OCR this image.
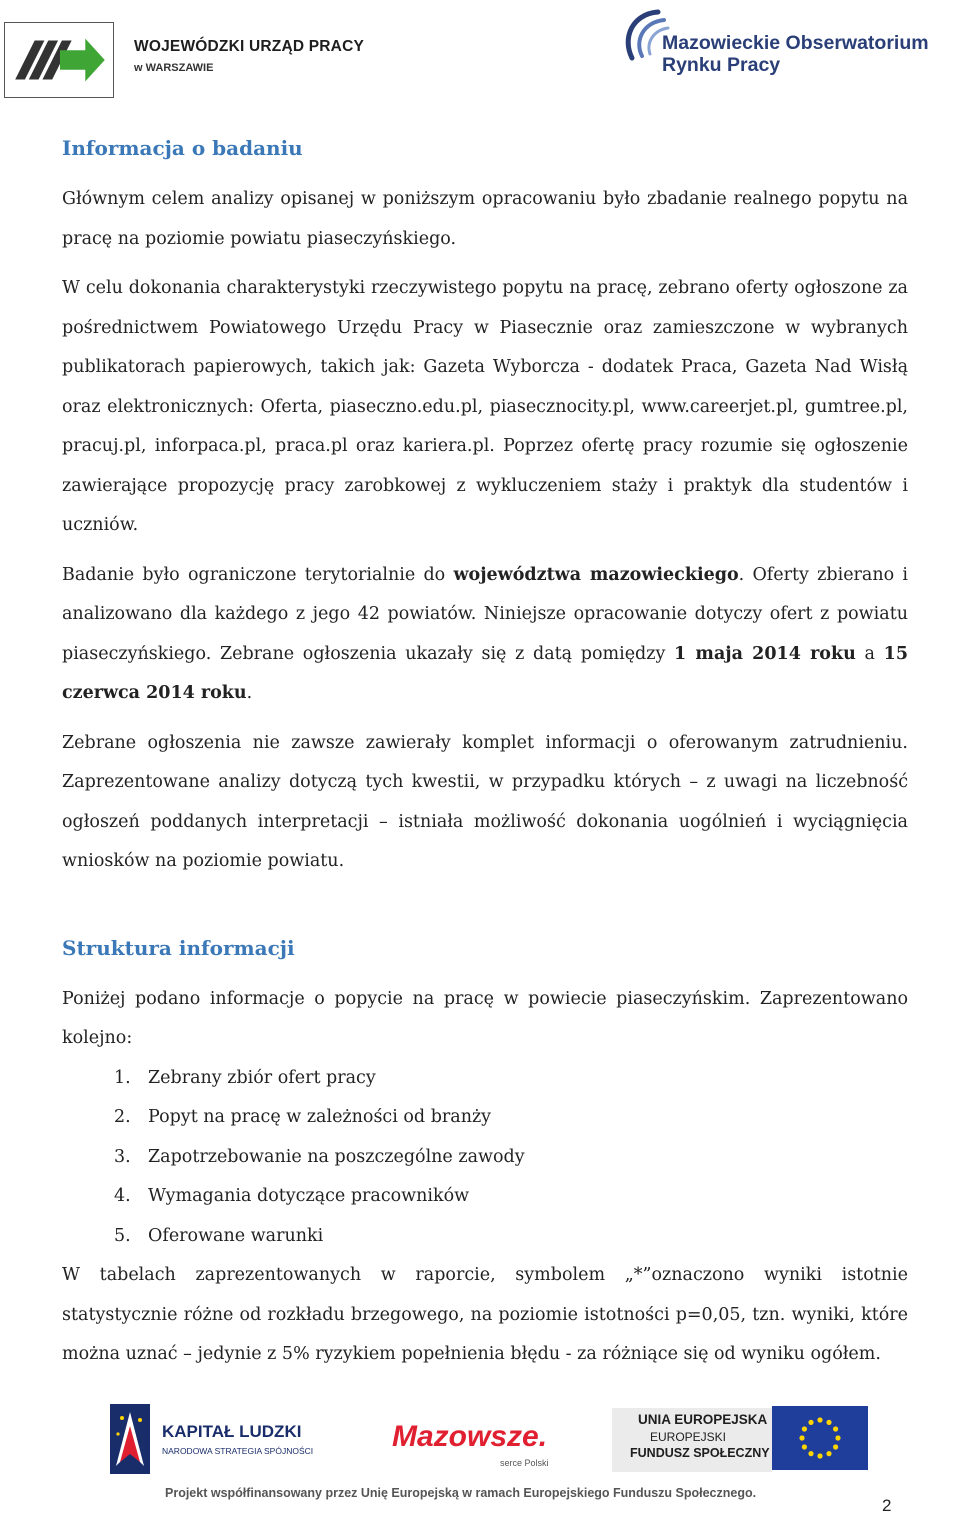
WOJEWÓDZKI URZĄD PRACY
w WARSZAWIE
Mazowieckie Obserwatorium
Rynku Pracy
Informacja o badaniu

Głównym celem analizy opisanej w poniższym opracowaniu było zbadanie realnego popytu na pracę na poziomie powiatu piaseczyńskiego.

W celu dokonania charakterystyki rzeczywistego popytu na pracę, zebrano oferty ogłoszone za pośrednictwem Powiatowego Urzędu Pracy w Piasecznie oraz zamieszczone w wybranych publikatorach papierowych, takich jak: Gazeta Wyborcza - dodatek Praca, Gazeta Nad Wisłą oraz elektronicznych: Oferta, piaseczno.edu.pl, piasecznocity.pl, www.careerjet.pl, gumtree.pl, pracuj.pl, inforpaca.pl, praca.pl oraz kariera.pl. Poprzez ofertę pracy rozumie się ogłoszenie zawierające propozycję pracy zarobkowej z wykluczeniem staży i praktyk dla studentów i uczniów.

Badanie było ograniczone terytorialnie do województwa mazowieckiego. Oferty zbierano i analizowano dla każdego z jego 42 powiatów. Niniejsze opracowanie dotyczy ofert z powiatu piaseczyńskiego. Zebrane ogłoszenia ukazały się z datą pomiędzy 1 maja 2014 roku a 15 czerwca 2014 roku.

Zebrane ogłoszenia nie zawsze zawierały komplet informacji o oferowanym zatrudnieniu. Zaprezentowane analizy dotyczą tych kwestii, w przypadku których – z uwagi na liczebność ogłoszeń poddanych interpretacji – istniała możliwość dokonania uogólnień i wyciągnięcia wniosków na poziomie powiatu.

Struktura informacji

Poniżej podano informacje o popycie na pracę w powiecie piaseczyńskim. Zaprezentowano kolejno:

1. Zebrany zbiór ofert pracy
2. Popyt na pracę w zależności od branży
3. Zapotrzebowanie na poszczególne zawody
4. Wymagania dotyczące pracowników
5. Oferowane warunki

W tabelach zaprezentowanych w raporcie, symbolem „*”oznaczono wyniki istotnie statystycznie różne od rozkładu brzegowego, na poziomie istotności p=0,05, tzn. wyniki, które można uznać – jedynie z 5% ryzykiem popełnienia błędu - za różniące się od wyniku ogółem.

KAPITAŁ LUDZKI
NARODOWA STRATEGIA SPÓJNOŚCI	Mazowsze.
serce Polski
UNIA EUROPEJSKA
EUROPEJSKI
FUNDUSZ SPOŁECZNY
Projekt współfinansowany przez Unię Europejską w ramach Europejskiego Funduszu Społecznego.
2
